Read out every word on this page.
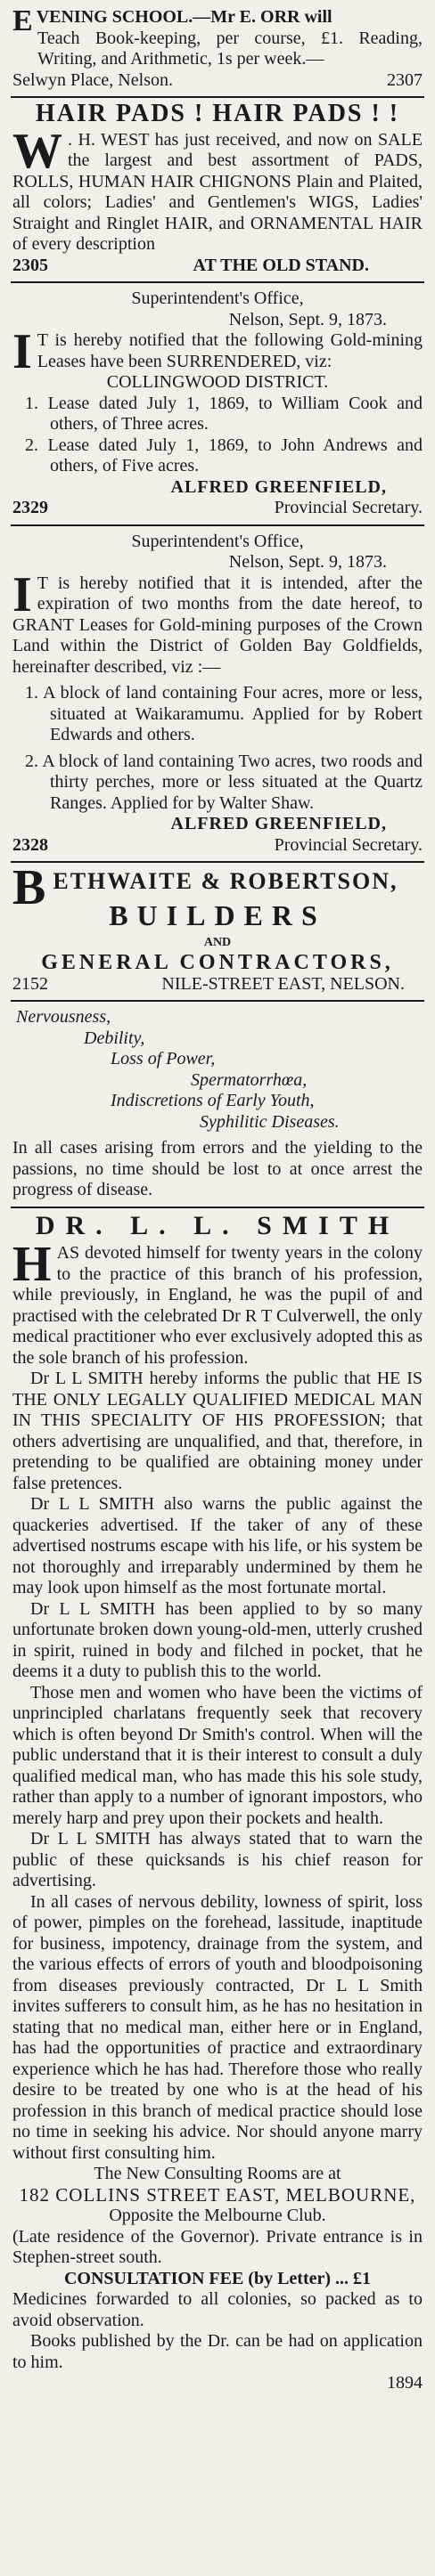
EVENING SCHOOL.—Mr E. ORR will

Teach Book-keeping, per course, £1. Reading, Writing, and Arithmetic, 1s per week.—

Selwyn Place, Nelson.	2307
HAIR PADS ! HAIR PADS ! !

W . H. WEST has just received, and now on SALE the largest and best assortment of PADS, ROLLS, HUMAN HAIR CHIGNONS Plain and Plaited, all colors; Ladies' and Gentlemen's WIGS, Ladies' Straight and Ringlet HAIR, and ORNAMENTAL HAIR of every description

2305	AT THE OLD STAND.
Superintendent's Office,
Nelson, Sept. 9, 1873.

I T is hereby notified that the following Gold-mining Leases have been SURRENDERED, viz:

COLLINGWOOD DISTRICT.

1. Lease dated July 1, 1869, to William Cook and others, of Three acres.

2. Lease dated July 1, 1869, to John Andrews and others, of Five acres.

ALFRED GREENFIELD,
2329	Provincial Secretary.
Superintendent's Office,
Nelson, Sept. 9, 1873.

I T is hereby notified that it is intended, after the expiration of two months from the date hereof, to GRANT Leases for Gold-mining purposes of the Crown Land within the District of Golden Bay Goldfields, hereinafter described, viz :—

1. A block of land containing Four acres, more or less, situated at Waikaramumu. Applied for by Robert Edwards and others.

2. A block of land containing Two acres, two roods and thirty perches, more or less situated at the Quartz Ranges. Applied for by Walter Shaw.

ALFRED GREENFIELD,
2328	Provincial Secretary.
BETHWAITE & ROBERTSON,
BUILDERS
AND
GENERAL CONTRACTORS,
2152	NILE-STREET EAST, NELSON.
Nervousness,
Debility,
Loss of Power,
Spermatorrhœa,
Indiscretions of Early Youth,
Syphilitic Diseases.

In all cases arising from errors and the yielding to the passions, no time should be lost to at once arrest the progress of disease.

DR. L. L. SMITH

HAS devoted himself for twenty years in the colony to the practice of this branch of his profession, while previously, in England, he was the pupil of and practised with the celebrated Dr R T Culverwell, the only medical practitioner who ever exclusively adopted this as the sole branch of his profession.

Dr L L SMITH hereby informs the public that HE IS THE ONLY LEGALLY QUALIFIED MEDICAL MAN IN THIS SPECIALITY OF HIS PROFESSION; that others advertising are unqualified, and that, therefore, in pretending to be qualified are obtaining money under false pretences.

Dr L L SMITH also warns the public against the quackeries advertised. If the taker of any of these advertised nostrums escape with his life, or his system be not thoroughly and irreparably undermined by them he may look upon himself as the most fortunate mortal.

Dr L L SMITH has been applied to by so many unfortunate broken down young-old-men, utterly crushed in spirit, ruined in body and filched in pocket, that he deems it a duty to publish this to the world.

Those men and women who have been the victims of unprincipled charlatans frequently seek that recovery which is often beyond Dr Smith's control. When will the public understand that it is their interest to consult a duly qualified medical man, who has made this his sole study, rather than apply to a number of ignorant impostors, who merely harp and prey upon their pockets and health.

Dr L L SMITH has always stated that to warn the public of these quicksands is his chief reason for advertising.

In all cases of nervous debility, lowness of spirit, loss of power, pimples on the forehead, lassitude, inaptitude for business, impotency, drainage from the system, and the various effects of errors of youth and bloodpoisoning from diseases previously contracted, Dr L L Smith invites sufferers to consult him, as he has no hesitation in stating that no medical man, either here or in England, has had the opportunities of practice and extraordinary experience which he has had. Therefore those who really desire to be treated by one who is at the head of his profession in this branch of medical practice should lose no time in seeking his advice. Nor should anyone marry without first consulting him.

The New Consulting Rooms are at
182 COLLINS STREET EAST, MELBOURNE,
Opposite the Melbourne Club.

(Late residence of the Governor). Private entrance is in Stephen-street south.

CONSULTATION FEE (by Letter) ... £1

Medicines forwarded to all colonies, so packed as to avoid observation.

Books published by the Dr. can be had on application to him.

1894
